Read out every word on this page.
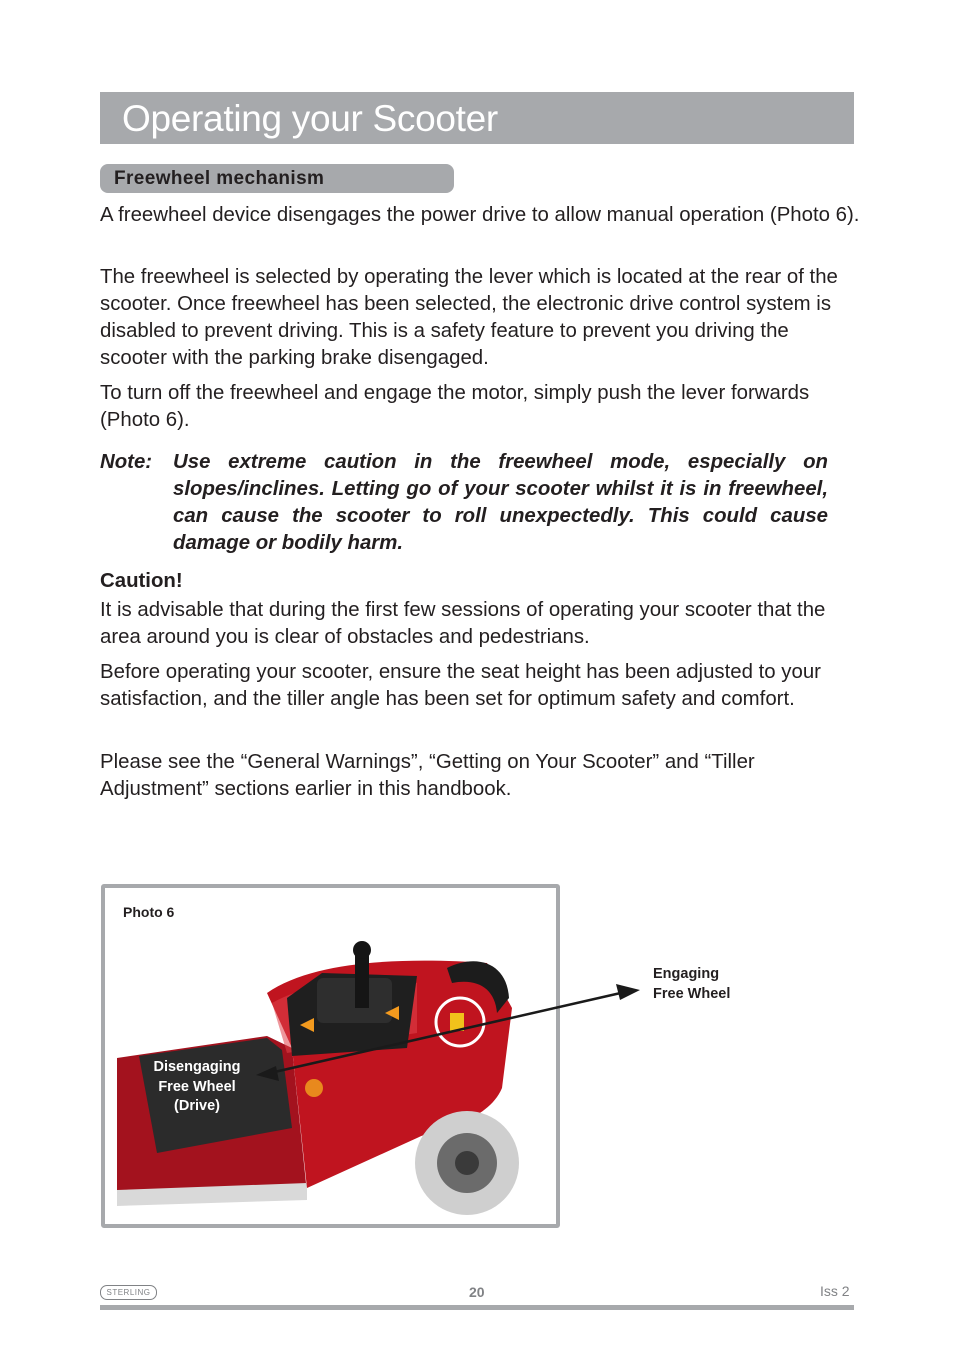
Operating your Scooter
Freewheel mechanism

A freewheel device disengages the power drive to allow manual operation (Photo 6).

The freewheel is selected by operating the lever which is located at the rear of the scooter. Once freewheel has been selected, the electronic drive control system is disabled to prevent driving. This is a safety feature to prevent you driving the scooter with the parking brake disengaged.

To turn off the freewheel and engage the motor, simply push the lever forwards (Photo 6).

Note: Use extreme caution in the freewheel mode, especially on slopes/inclines. Letting go of your scooter whilst it is in freewheel, can cause the scooter to roll unexpectedly. This could cause damage or bodily harm.
Caution!

It is advisable that during the first few sessions of operating your scooter that the area around you is clear of obstacles and pedestrians.

Before operating your scooter, ensure the seat height has been adjusted to your satisfaction, and the tiller angle has been set for optimum safety and comfort.

Please see the “General Warnings”, “Getting on Your Scooter” and “Tiller Adjustment” sections earlier in this handbook.

Photo 6
Disengaging
Free Wheel
(Drive)
Engaging
Free Wheel
STERLING	20	Iss 2
